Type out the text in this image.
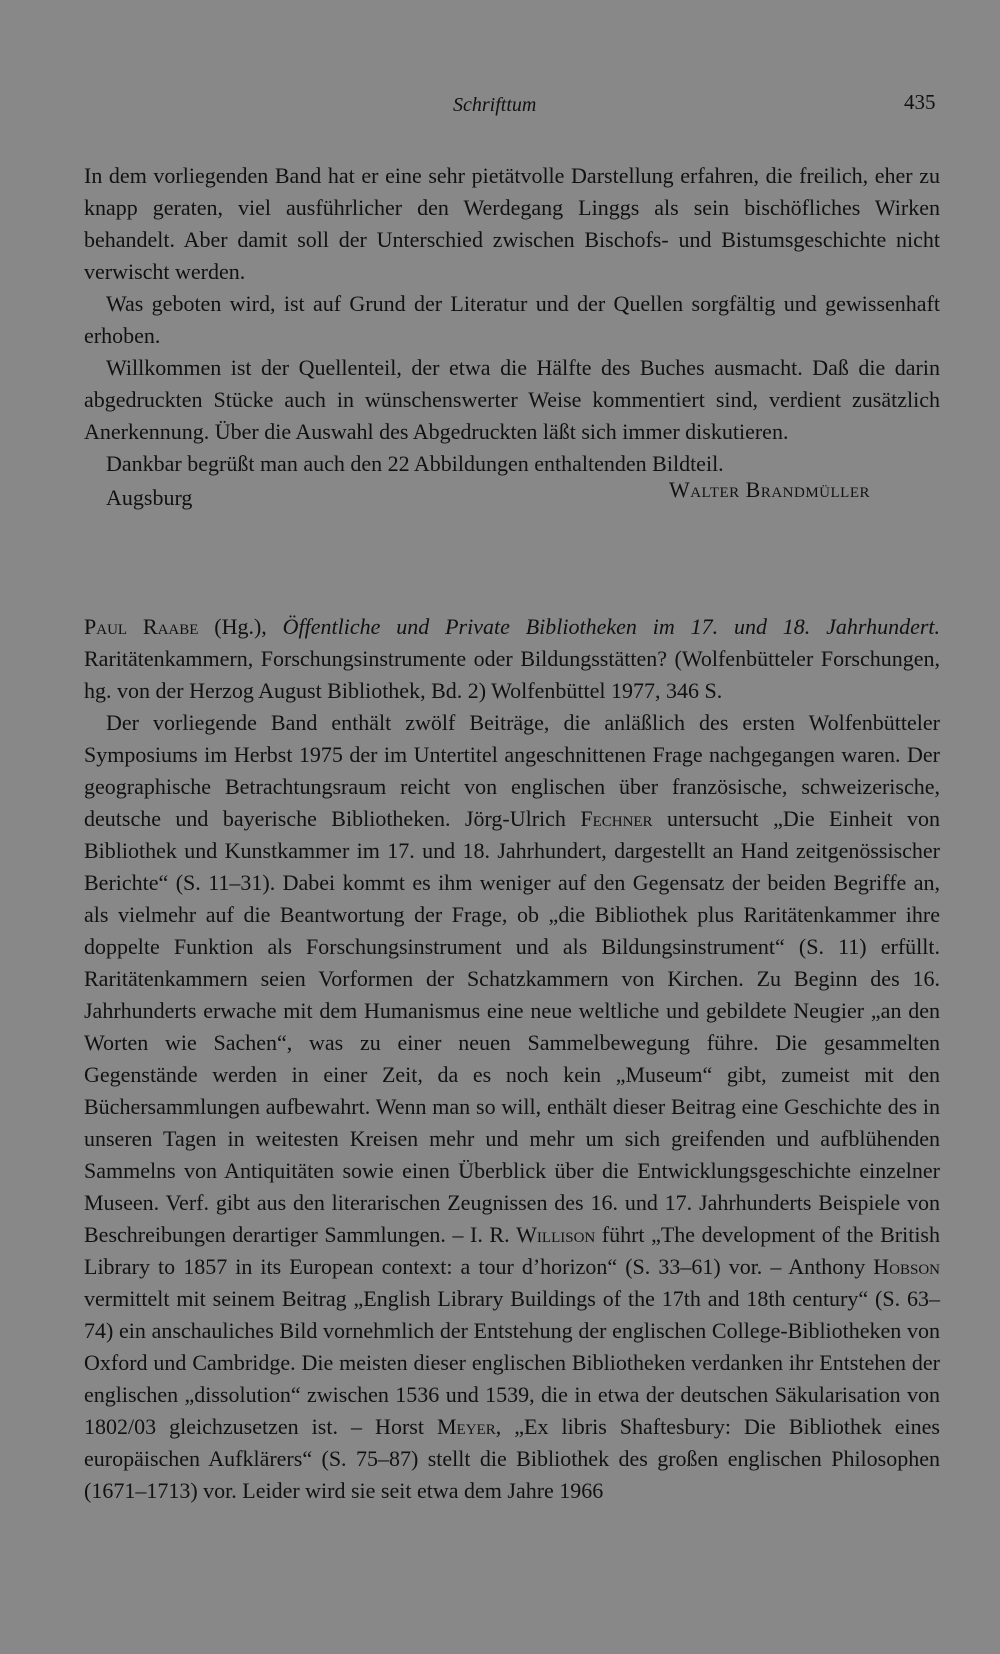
Schrifttum	435

In dem vorliegenden Band hat er eine sehr pietätvolle Darstellung erfahren, die freilich, eher zu knapp geraten, viel ausführlicher den Werdegang Linggs als sein bischöfliches Wirken behandelt. Aber damit soll der Unterschied zwischen Bischofs- und Bistumsgeschichte nicht verwischt werden.

Was geboten wird, ist auf Grund der Literatur und der Quellen sorgfältig und gewissenhaft erhoben.

Willkommen ist der Quellenteil, der etwa die Hälfte des Buches ausmacht. Daß die darin abgedruckten Stücke auch in wünschenswerter Weise kommentiert sind, verdient zusätzlich Anerkennung. Über die Auswahl des Abgedruckten läßt sich immer diskutieren.

Dankbar begrüßt man auch den 22 Abbildungen enthaltenden Bildteil.

Augsburg	Walter Brandmüller

Paul Raabe (Hg.), Öffentliche und Private Bibliotheken im 17. und 18. Jahrhundert. Raritätenkammern, Forschungsinstrumente oder Bildungsstätten? (Wolfenbütteler Forschungen, hg. von der Herzog August Bibliothek, Bd. 2) Wolfenbüttel 1977, 346 S.

Der vorliegende Band enthält zwölf Beiträge, die anläßlich des ersten Wolfenbütteler Symposiums im Herbst 1975 der im Untertitel angeschnittenen Frage nachgegangen waren. Der geographische Betrachtungsraum reicht von englischen über französische, schweizerische, deutsche und bayerische Bibliotheken. Jörg-Ulrich Fechner untersucht „Die Einheit von Bibliothek und Kunstkammer im 17. und 18. Jahrhundert, dargestellt an Hand zeitgenössischer Berichte“ (S. 11–31). Dabei kommt es ihm weniger auf den Gegensatz der beiden Begriffe an, als vielmehr auf die Beantwortung der Frage, ob „die Bibliothek plus Raritätenkammer ihre doppelte Funktion als Forschungsinstrument und als Bildungsinstrument“ (S. 11) erfüllt. Raritätenkammern seien Vorformen der Schatzkammern von Kirchen. Zu Beginn des 16. Jahrhunderts erwache mit dem Humanismus eine neue weltliche und gebildete Neugier „an den Worten wie Sachen“, was zu einer neuen Sammelbewegung führe. Die gesammelten Gegenstände werden in einer Zeit, da es noch kein „Museum“ gibt, zumeist mit den Büchersammlungen aufbewahrt. Wenn man so will, enthält dieser Beitrag eine Geschichte des in unseren Tagen in weitesten Kreisen mehr und mehr um sich greifenden und aufblühenden Sammelns von Antiquitäten sowie einen Überblick über die Entwicklungsgeschichte einzelner Museen. Verf. gibt aus den literarischen Zeugnissen des 16. und 17. Jahrhunderts Beispiele von Beschreibungen derartiger Sammlungen. – I. R. Willison führt „The development of the British Library to 1857 in its European context: a tour d’horizon“ (S. 33–61) vor. – Anthony Hobson vermittelt mit seinem Beitrag „English Library Buildings of the 17th and 18th century“ (S. 63–74) ein anschauliches Bild vornehmlich der Entstehung der englischen College-Bibliotheken von Oxford und Cambridge. Die meisten dieser englischen Bibliotheken verdanken ihr Entstehen der englischen „dissolution“ zwischen 1536 und 1539, die in etwa der deutschen Säkularisation von 1802/03 gleichzusetzen ist. – Horst Meyer, „Ex libris Shaftesbury: Die Bibliothek eines europäischen Aufklärers“ (S. 75–87) stellt die Bibliothek des großen englischen Philosophen (1671–1713) vor. Leider wird sie seit etwa dem Jahre 1966
